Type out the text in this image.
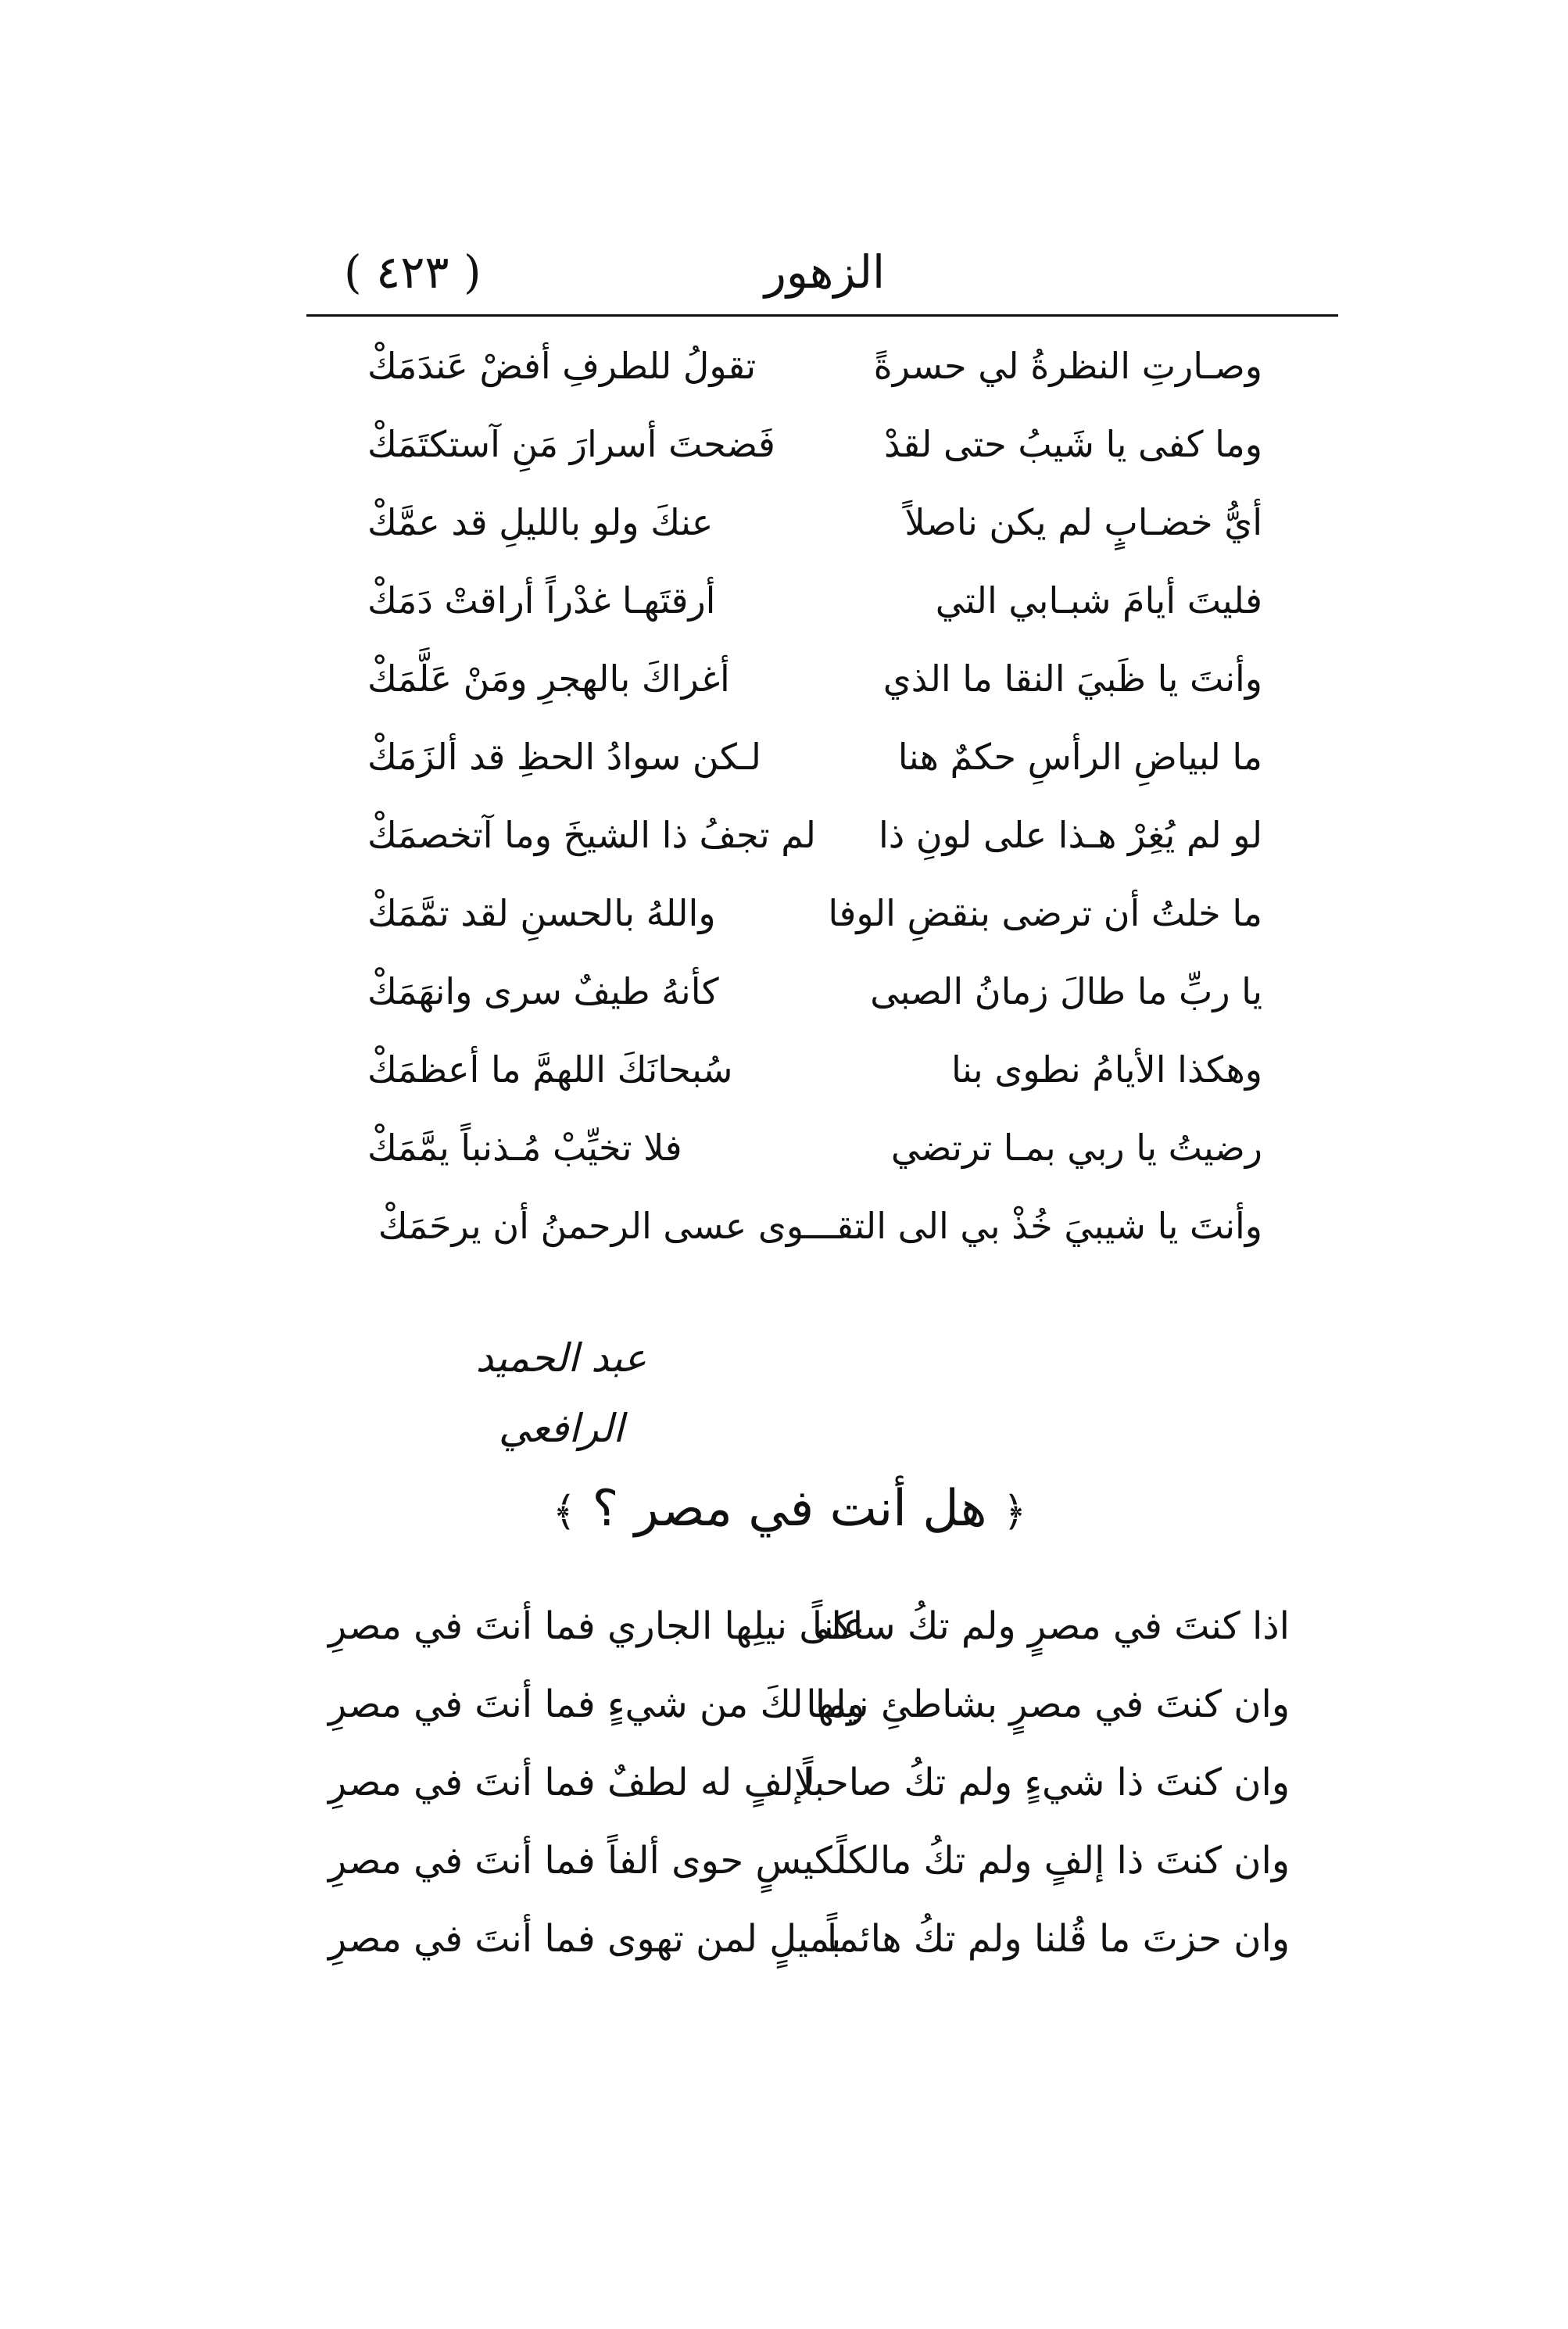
الزهور
( ٤٢٣ )
وصـارتِ النظرةُ لي حسرةً
تقولُ للطرفِ أفضْ عَندَمَكْ
وما كفى يا شَيبُ حتى لقدْ
فَضحتَ أسرارَ مَنِ آستكتَمَكْ
أيُّ خضـابٍ لم يكن ناصلاً
عنكَ ولو بالليلِ قد عمَّكْ
فليتَ أيامَ شبـابي التي
أرقتَهـا غدْراً أراقتْ دَمَكْ
وأنتَ يا ظَبيَ النقا ما الذي
أغراكَ بالهجرِ ومَنْ عَلَّمَكْ
ما لبياضِ الرأسِ حكمٌ هنا
لـكن سوادُ الحظِ قد ألزَمَكْ
لو لم يُغِرْ هـذا على لونِ ذا
لم تجفُ ذا الشيخَ وما آتخصمَكْ
ما خلتُ أن ترضى بنقضِ الوفا
واللهُ بالحسنِ لقد تمَّمَكْ
يا ربِّ ما طالَ زمانُ الصبى
كأنهُ طيفٌ سرى وانهَمَكْ
وهكذا الأيامُ نطوى بنا
سُبحانَكَ اللهمَّ ما أعظمَكْ
رضيتُ يا ربي بمـا ترتضي
فلا تخيِّبْ مُـذنباً يمَّمَكْ
وأنتَ يا شيبيَ خُذْ بي الى التقـــوى عسى الرحمنُ أن يرحَمَكْ
عبد الحميد الرافعي
﴿ هل أنت في مصر ؟ ﴾
اذا كنتَ في مصرٍ ولم تكُ ساكناً
على نيلِها الجاري فما أنتَ في مصرِ
وان كنتَ في مصرٍ بشاطئِ نيلها
وما لكَ من شيءٍ فما أنتَ في مصرِ
وان كنتَ ذا شيءٍ ولم تكُ صاحباً
لإلفٍ له لطفٌ فما أنتَ في مصرِ
وان كنتَ ذا إلفٍ ولم تكُ مالكاً
لكيسٍ حوى ألفاً فما أنتَ في مصرِ
وان حزتَ ما قُلنا ولم تكُ هائماً
بميلٍ لمن تهوى فما أنتَ في مصرِ
